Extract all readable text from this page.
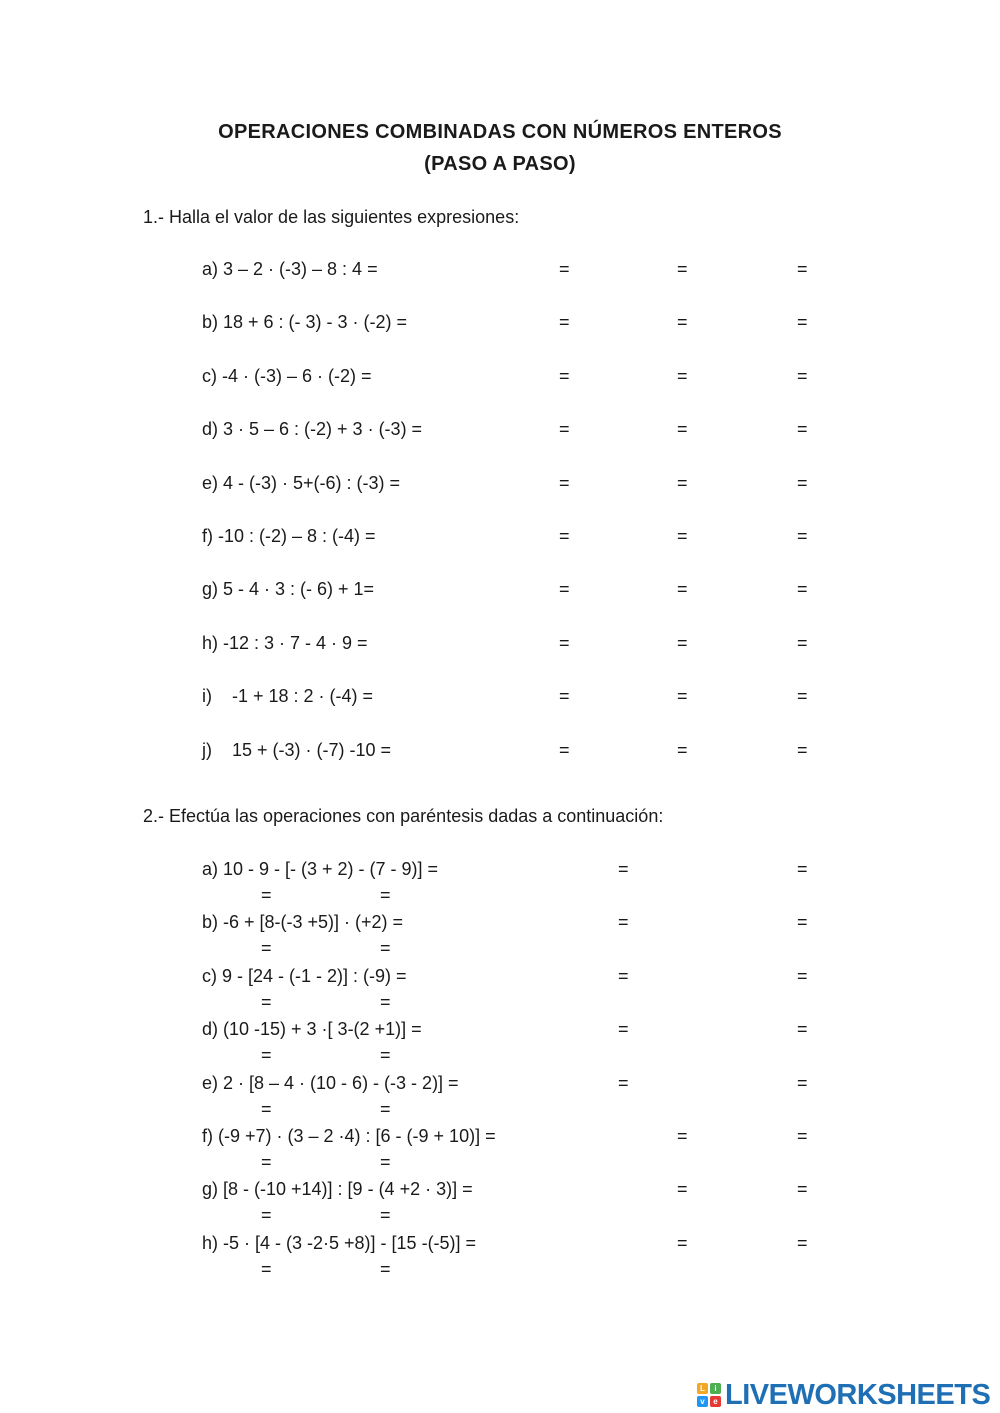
OPERACIONES COMBINADAS CON NÚMEROS ENTEROS
(PASO A PASO)
1.- Halla el valor de las siguientes expresiones:
a) 3 – 2 · (-3) – 8 : 4 =	=	=	=
b) 18 + 6 : (- 3) - 3 · (-2) =	=	=	=
c) -4 · (-3) – 6 · (-2) =	=	=	=
d) 3 · 5 – 6 : (-2) + 3 · (-3) =	=	=	=
e) 4 - (-3) · 5+(-6) : (-3) =	=	=	=
f) -10 : (-2) – 8 : (-4) =	=	=	=
g) 5 - 4 · 3 : (- 6) + 1=	=	=	=
h) -12 : 3 · 7 - 4 · 9 =	=	=	=
i)    -1 + 18 : 2 · (-4) =	=	=	=
j)    15 + (-3) · (-7) -10 =	=	=	=
2.- Efectúa las operaciones con paréntesis dadas a continuación:
a) 10 - 9 - [- (3 + 2) - (7 - 9)] =	=	=
=	=
b) -6 + [8-(-3 +5)] · (+2) =	=	=
=	=
c) 9 - [24 - (-1 - 2)] : (-9) =	=	=
=	=
d) (10 -15) + 3 ·[ 3-(2 +1)] =	=	=
=	=
e) 2 · [8 – 4 · (10 - 6) - (-3 - 2)] =	=	=
=	=
f) (-9 +7) · (3 – 2 ·4) : [6 - (-9 + 10)] =	=	=
=	=
g) [8 - (-10 +14)] : [9 - (4 +2 · 3)] =	=	=
=	=
h) -5 · [4 - (3 -2·5 +8)] - [15 -(-5)] =	=	=
=	=
L	i
v	e LIVEWORKSHEETS
